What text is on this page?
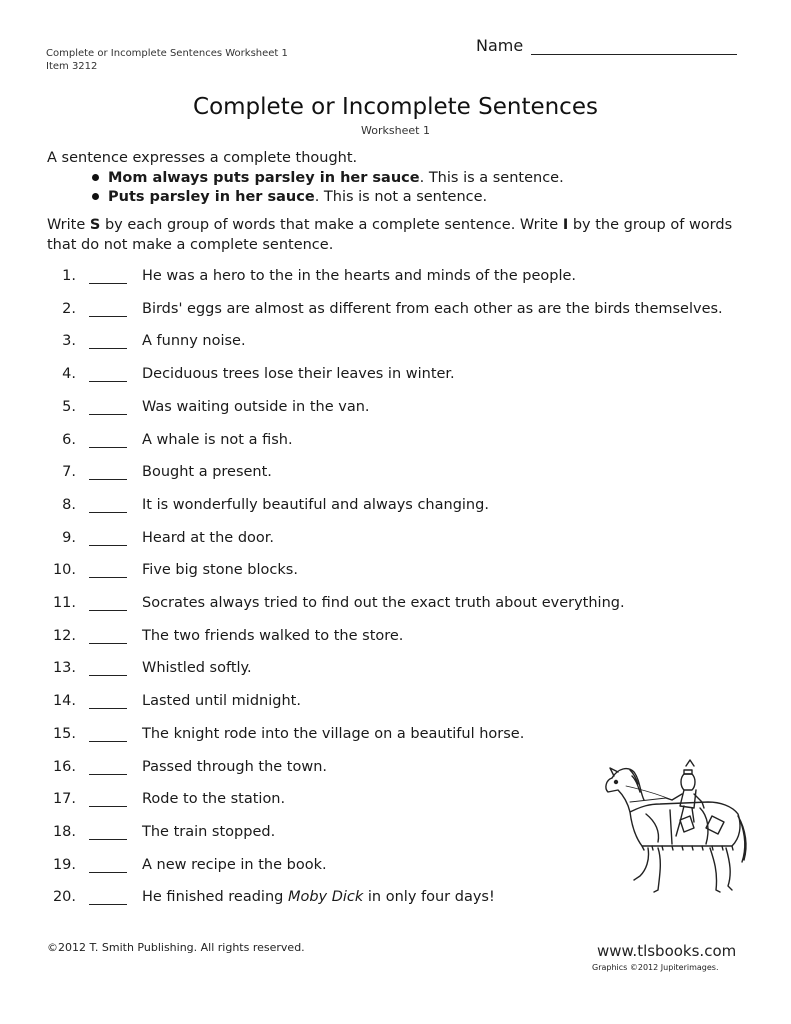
Complete or Incomplete Sentences Worksheet 1
Item 3212
Name
Complete or Incomplete Sentences
Worksheet 1
A sentence expresses a complete thought.
Mom always puts parsley in her sauce. This is a sentence.
Puts parsley in her sauce. This is not a sentence.
Write S by each group of words that make a complete sentence. Write I by the group of words that do not make a complete sentence.
1.	He was a hero to the in the hearts and minds of the people.
2.	Birds' eggs are almost as different from each other as are the birds themselves.
3.	A funny noise.
4.	Deciduous trees lose their leaves in winter.
5.	Was waiting outside in the van.
6.	A whale is not a fish.
7.	Bought a present.
8.	It is wonderfully beautiful and always changing.
9.	Heard at the door.
10.	Five big stone blocks.
11.	Socrates always tried to find out the exact truth about everything.
12.	The two friends walked to the store.
13.	Whistled softly.
14.	Lasted until midnight.
15.	The knight rode into the village on a beautiful horse.
16.	Passed through the town.
17.	Rode to the station.
18.	The train stopped.
19.	A new recipe in the book.
20.	He finished reading Moby Dick in only four days!
©2012 T. Smith Publishing. All rights reserved.	www.tlsbooks.com
Graphics ©2012 Jupiterimages.
